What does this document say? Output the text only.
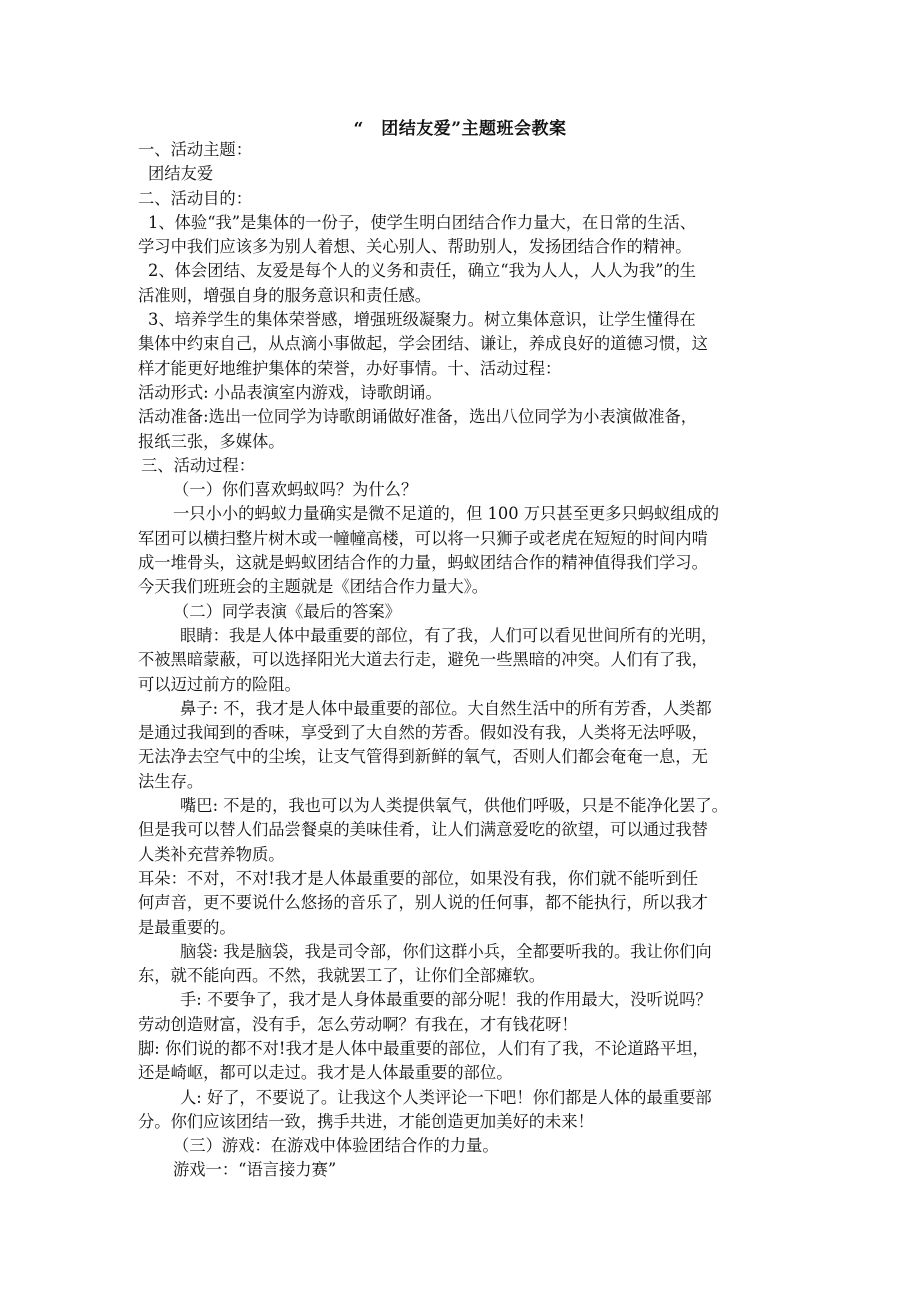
“　团结友爱”主题班会教案
一、活动主题：
团结友爱
二、活动目的：
1、体验“我”是集体的一份子，使学生明白团结合作力量大，在日常的生活、
学习中我们应该多为别人着想、关心别人、帮助别人，发扬团结合作的精神。
2、体会团结、友爱是每个人的义务和责任，确立“我为人人，人人为我”的生
活准则，增强自身的服务意识和责任感。
3、培养学生的集体荣誉感，增强班级凝聚力。树立集体意识，让学生懂得在
集体中约束自己，从点滴小事做起，学会团结、谦让，养成良好的道德习惯，这
样才能更好地维护集体的荣誉，办好事情。十、活动过程：
活动形式: 小品表演室内游戏，诗歌朗诵。
活动准备:选出一位同学为诗歌朗诵做好准备，选出八位同学为小表演做准备，
报纸三张，多媒体。
三、活动过程：
（一）你们喜欢蚂蚁吗？为什么？
一只小小的蚂蚁力量确实是微不足道的，但 100 万只甚至更多只蚂蚁组成的
军团可以横扫整片树木或一幢幢高楼，可以将一只狮子或老虎在短短的时间内啃
成一堆骨头，这就是蚂蚁团结合作的力量，蚂蚁团结合作的精神值得我们学习。
今天我们班班会的主题就是《团结合作力量大》。
（二）同学表演《最后的答案》
眼睛：我是人体中最重要的部位，有了我，人们可以看见世间所有的光明，
不被黑暗蒙蔽，可以选择阳光大道去行走，避免一些黑暗的冲突。人们有了我，
可以迈过前方的险阻。
鼻子: 不，我才是人体中最重要的部位。大自然生活中的所有芳香，人类都
是通过我闻到的香味，享受到了大自然的芳香。假如没有我，人类将无法呼吸，
无法净去空气中的尘埃，让支气管得到新鲜的氧气，否则人们都会奄奄一息，无
法生存。
嘴巴: 不是的，我也可以为人类提供氧气，供他们呼吸，只是不能净化罢了。
但是我可以替人们品尝餐桌的美味佳肴，让人们满意爱吃的欲望，可以通过我替
人类补充营养物质。
耳朵：不对，不对!我才是人体最重要的部位，如果没有我，你们就不能听到任
何声音，更不要说什么悠扬的音乐了，别人说的任何事，都不能执行，所以我才
是最重要的。
脑袋: 我是脑袋，我是司令部，你们这群小兵，全都要听我的。我让你们向
东，就不能向西。不然，我就罢工了，让你们全部瘫软。
手: 不要争了，我才是人身体最重要的部分呢！我的作用最大，没听说吗？
劳动创造财富，没有手，怎么劳动啊？有我在，才有钱花呀！
脚: 你们说的都不对!我才是人体中最重要的部位，人们有了我，不论道路平坦，
还是崎岖，都可以走过。我才是人体最重要的部位。
人: 好了，不要说了。让我这个人类评论一下吧！你们都是人体的最重要部
分。你们应该团结一致，携手共进，才能创造更加美好的未来！
（三）游戏：在游戏中体验团结合作的力量。
游戏一：“语言接力赛”
